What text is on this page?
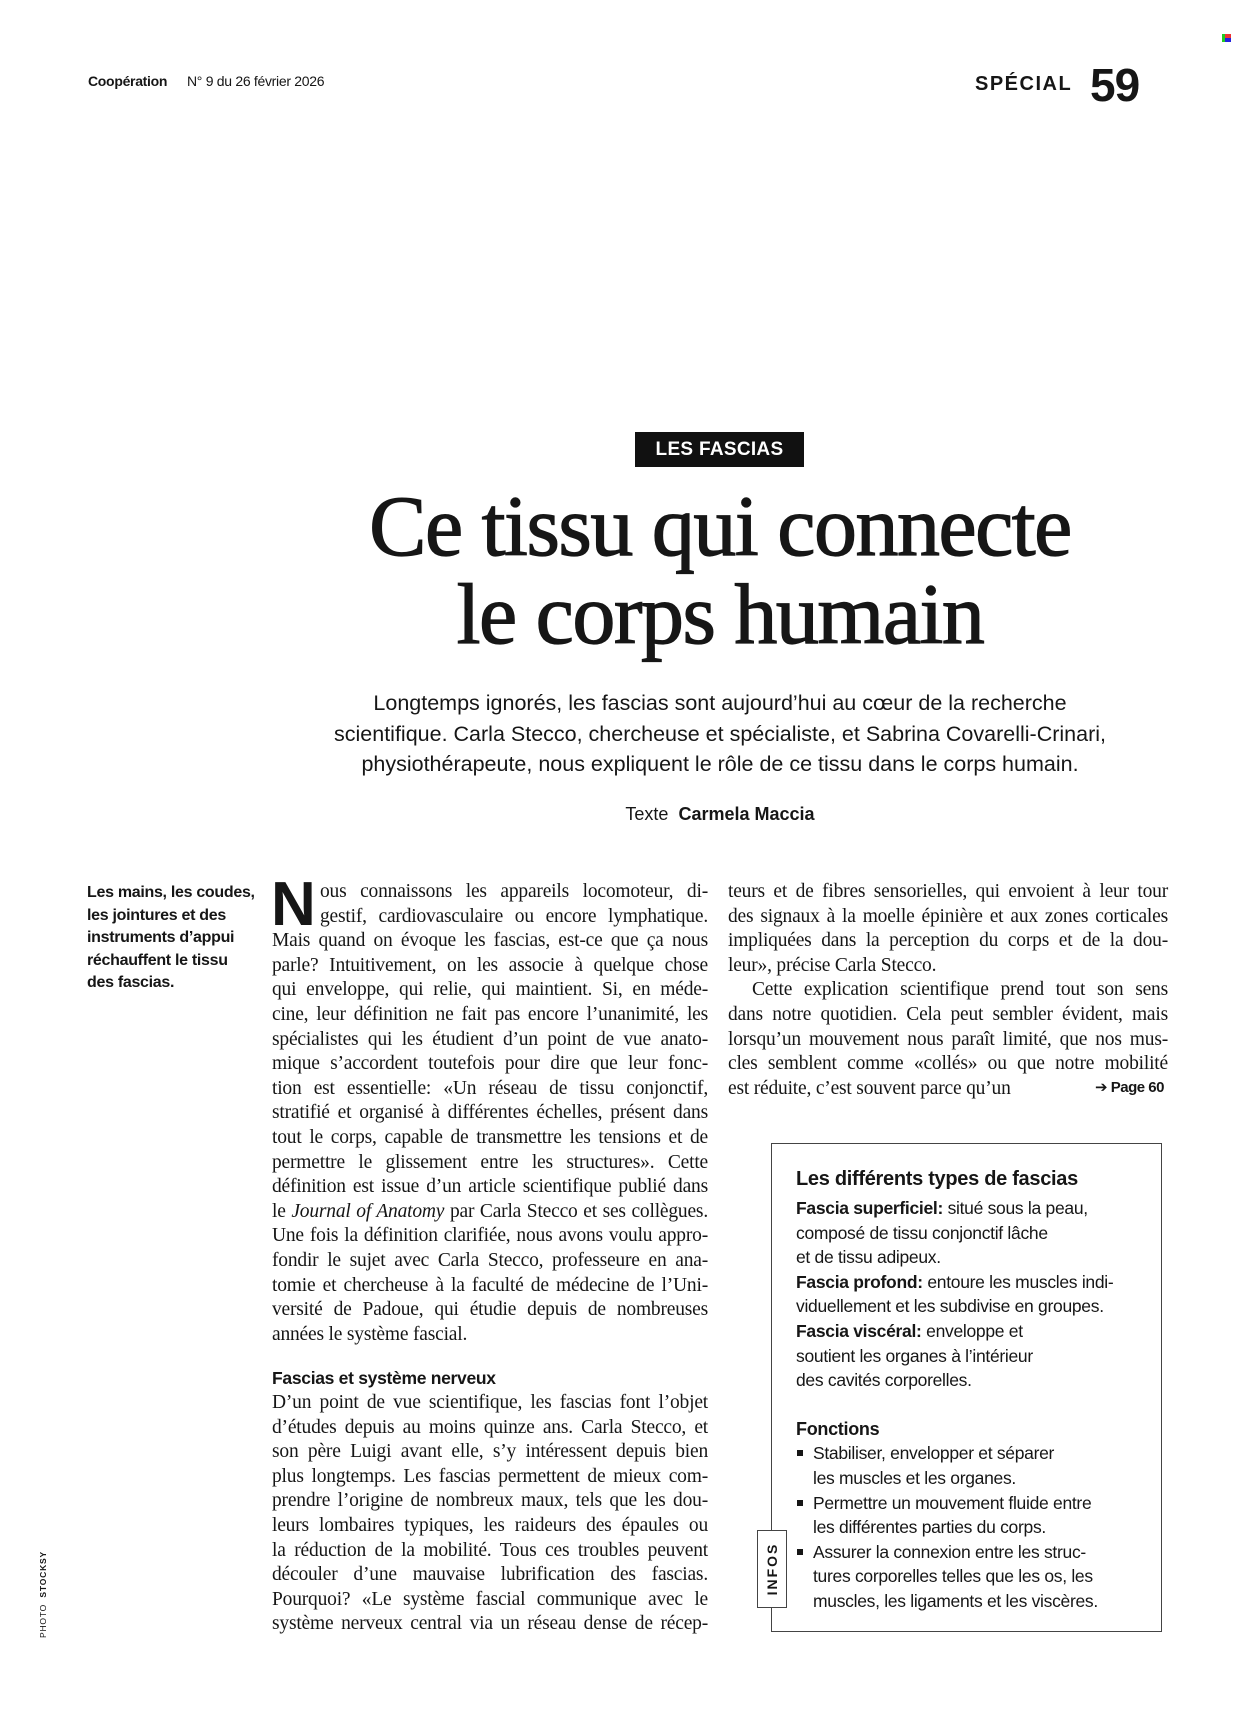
Coopération N° 9 du 26 février 2026	SPÉCIAL 59
LES FASCIAS
Ce tissu qui connecte
le corps humain
Longtemps ignorés, les fascias sont aujourd’hui au cœur de la recherche
scientifique. Carla Stecco, chercheuse et spécialiste, et Sabrina Covarelli-Crinari,
physiothérapeute, nous expliquent le rôle de ce tissu dans le corps humain.
Texte Carmela Maccia
Les mains, les coudes, les jointures et des instruments d’appui réchauffent le tissu des fascias.
PHOTO  STOCKSY
N ous connaissons les appareils locomoteur, di-
gestif, cardiovasculaire ou encore lymphatique.
Mais quand on évoque les fascias, est-ce que ça nous
parle? Intuitivement, on les associe à quelque chose
qui enveloppe, qui relie, qui maintient. Si, en méde-
cine, leur définition ne fait pas encore l’unanimité, les
spécialistes qui les étudient d’un point de vue anato-
mique s’accordent toutefois pour dire que leur fonc-
tion est essentielle: «Un réseau de tissu conjonctif,
stratifié et organisé à différentes échelles, présent dans
tout le corps, capable de transmettre les tensions et de
permettre le glissement entre les structures». Cette
définition est issue d’un article scientifique publié dans
le Journal of Anatomy par Carla Stecco et ses collègues.
Une fois la définition clarifiée, nous avons voulu appro-
fondir le sujet avec Carla Stecco, professeure en ana-
tomie et chercheuse à la faculté de médecine de l’Uni-
versité de Padoue, qui étudie depuis de nombreuses
années le système fascial.
Fascias et système nerveux
D’un point de vue scientifique, les fascias font l’objet
d’études depuis au moins quinze ans. Carla Stecco, et
son père Luigi avant elle, s’y intéressent depuis bien
plus longtemps. Les fascias permettent de mieux com-
prendre l’origine de nombreux maux, tels que les dou-
leurs lombaires typiques, les raideurs des épaules ou
la réduction de la mobilité. Tous ces troubles peuvent
découler d’une mauvaise lubrification des fascias.
Pourquoi? «Le système fascial communique avec le
système nerveux central via un réseau dense de récep-
teurs et de fibres sensorielles, qui envoient à leur tour
des signaux à la moelle épinière et aux zones corticales
impliquées dans la perception du corps et de la dou-
leur», précise Carla Stecco.
Cette explication scientifique prend tout son sens
dans notre quotidien. Cela peut sembler évident, mais
lorsqu’un mouvement nous paraît limité, que nos mus-
cles semblent comme «collés» ou que notre mobilité
est réduite, c’est souvent parce qu’un	➔ Page 60
Les différents types de fascias
Fascia superficiel: situé sous la peau,
composé de tissu conjonctif lâche
et de tissu adipeux.
Fascia profond: entoure les muscles indi-
viduellement et les subdivise en groupes.
Fascia viscéral: enveloppe et
soutient les organes à l’intérieur
des cavités corporelles.
Fonctions
Stabiliser, envelopper et séparer
les muscles et les organes.
Permettre un mouvement fluide entre
les différentes parties du corps.
Assurer la connexion entre les struc-
tures corporelles telles que les os, les
muscles, les ligaments et les viscères.
INFOS
